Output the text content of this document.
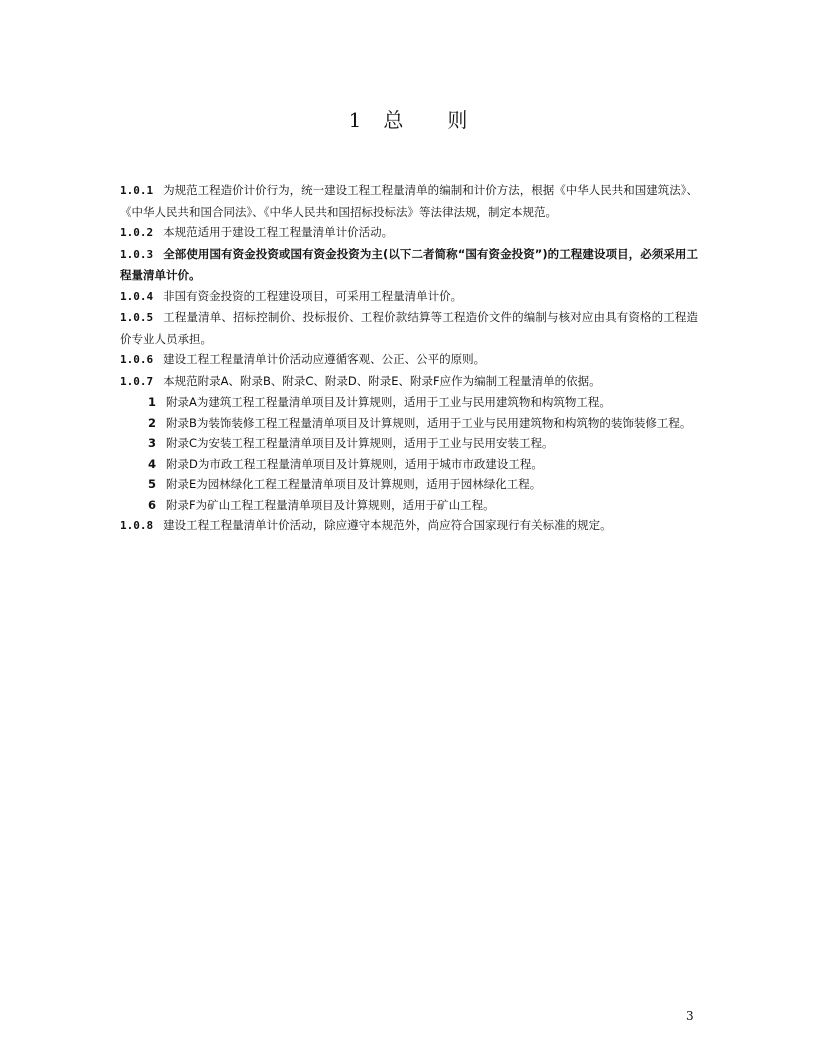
1 总 则

1.0.1 为规范工程造价计价行为，统一建设工程工程量清单的编制和计价方法，根据《中华人民共和国建筑法》、《中华人民共和国合同法》、《中华人民共和国招标投标法》等法律法规，制定本规范。

1.0.2 本规范适用于建设工程工程量清单计价活动。

1.0.3 全部使用国有资金投资或国有资金投资为主(以下二者简称“国有资金投资”)的工程建设项目，必须采用工程量清单计价。

1.0.4 非国有资金投资的工程建设项目，可采用工程量清单计价。

1.0.5 工程量清单、招标控制价、投标报价、工程价款结算等工程造价文件的编制与核对应由具有资格的工程造价专业人员承担。

1.0.6 建设工程工程量清单计价活动应遵循客观、公正、公平的原则。

1.0.7 本规范附录A、附录B、附录C、附录D、附录E、附录F应作为编制工程量清单的依据。

1 附录A为建筑工程工程量清单项目及计算规则，适用于工业与民用建筑物和构筑物工程。

2 附录B为装饰装修工程工程量清单项目及计算规则，适用于工业与民用建筑物和构筑物的装饰装修工程。

3 附录C为安装工程工程量清单项目及计算规则，适用于工业与民用安装工程。

4 附录D为市政工程工程量清单项目及计算规则，适用于城市市政建设工程。

5 附录E为园林绿化工程工程量清单项目及计算规则，适用于园林绿化工程。

6 附录F为矿山工程工程量清单项目及计算规则，适用于矿山工程。

1.0.8 建设工程工程量清单计价活动，除应遵守本规范外，尚应符合国家现行有关标准的规定。

3
